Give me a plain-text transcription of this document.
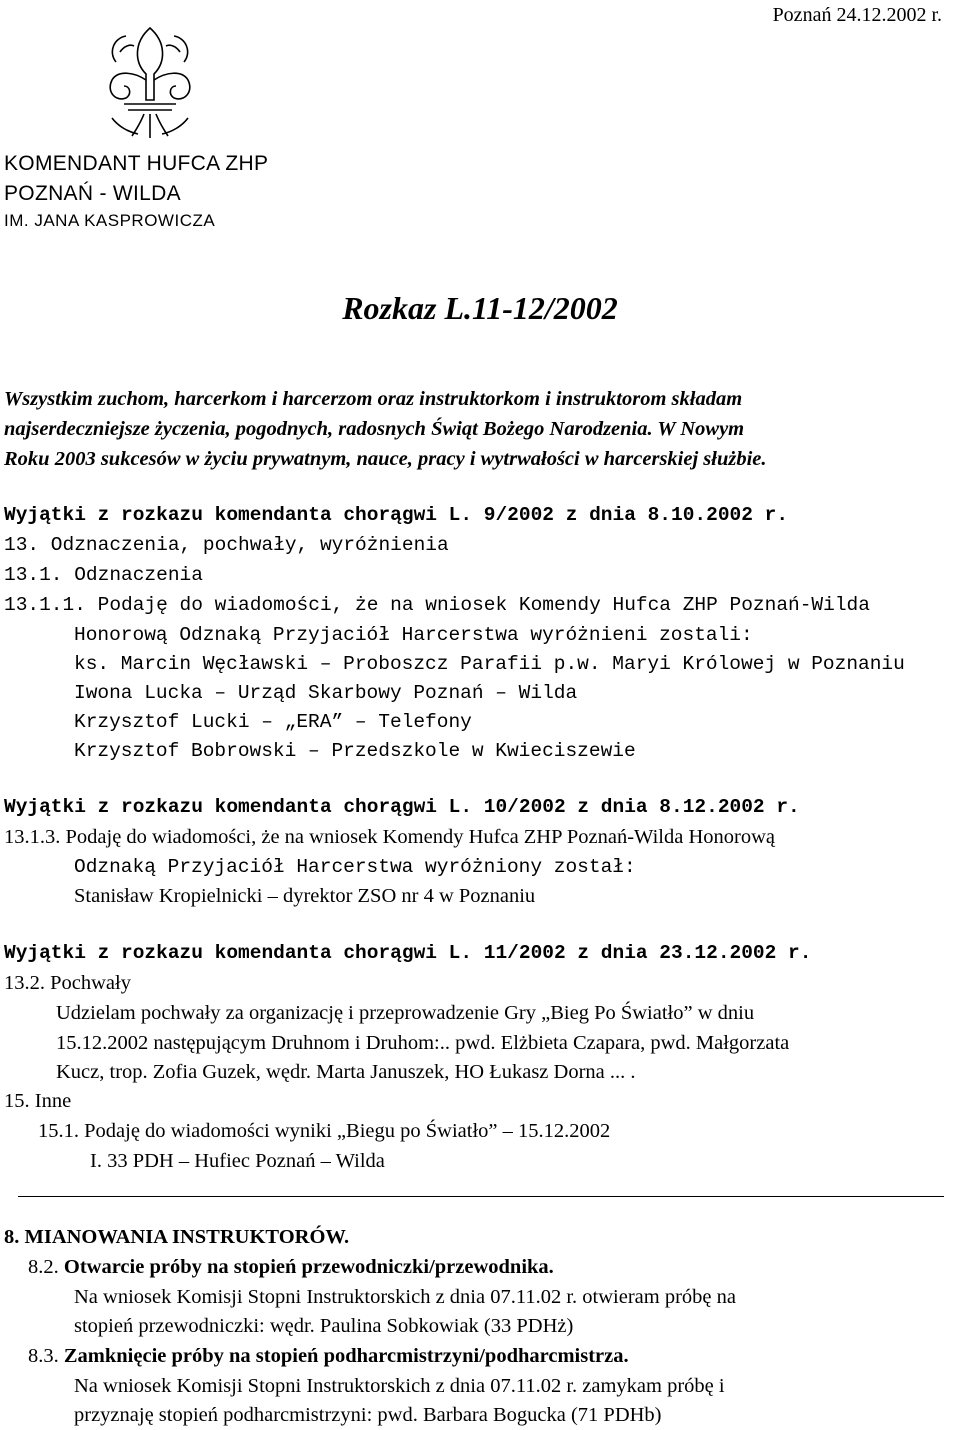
Poznań 24.12.2002 r.
KOMENDANT HUFCA ZHP
POZNAŃ - WILDA
IM. JANA KASPROWICZA
Rozkaz L.11-12/2002
Wszystkim zuchom, harcerkom i harcerzom oraz instruktorkom i instruktorom składam
najserdeczniejsze życzenia, pogodnych, radosnych Świąt Bożego Narodzenia. W Nowym
Roku 2003 sukcesów w życiu prywatnym, nauce, pracy i wytrwałości w harcerskiej służbie.
Wyjątki z rozkazu komendanta chorągwi L. 9/2002 z dnia 8.10.2002 r.
13. Odznaczenia, pochwały, wyróżnienia
13.1. Odznaczenia
13.1.1. Podaję do wiadomości, że na wniosek Komendy Hufca ZHP Poznań-Wilda
Honorową Odznaką Przyjaciół Harcerstwa wyróżnieni zostali:
ks. Marcin Węcławski – Proboszcz Parafii p.w. Maryi Królowej w Poznaniu
Iwona Lucka – Urząd Skarbowy Poznań – Wilda
Krzysztof Lucki – „ERA” – Telefony
Krzysztof Bobrowski – Przedszkole w Kwieciszewie
Wyjątki z rozkazu komendanta chorągwi L. 10/2002 z dnia 8.12.2002 r.
13.1.3. Podaję do wiadomości, że na wniosek Komendy Hufca ZHP Poznań-Wilda Honorową
Odznaką Przyjaciół Harcerstwa wyróżniony został:
Stanisław Kropielnicki – dyrektor ZSO nr 4 w Poznaniu
Wyjątki z rozkazu komendanta chorągwi L. 11/2002 z dnia 23.12.2002 r.
13.2. Pochwały
Udzielam pochwały za organizację i przeprowadzenie Gry „Bieg Po Światło” w dniu
15.12.2002 następującym Druhnom i Druhom:.. pwd. Elżbieta Czapara, pwd. Małgorzata
Kucz, trop. Zofia Guzek, wędr. Marta Januszek, HO Łukasz Dorna ... .
15. Inne
15.1. Podaję do wiadomości wyniki „Biegu po Światło” – 15.12.2002
I. 33 PDH – Hufiec Poznań – Wilda
8. MIANOWANIA INSTRUKTORÓW.
8.2. Otwarcie próby na stopień przewodniczki/przewodnika.
Na wniosek Komisji Stopni Instruktorskich z dnia 07.11.02 r. otwieram próbę na
stopień przewodniczki: wędr. Paulina Sobkowiak (33 PDHż)
8.3. Zamknięcie próby na stopień podharcmistrzyni/podharcmistrza.
Na wniosek Komisji Stopni Instruktorskich z dnia 07.11.02 r. zamykam próbę i
przyznaję stopień podharcmistrzyni: pwd. Barbara Bogucka (71 PDHb)
